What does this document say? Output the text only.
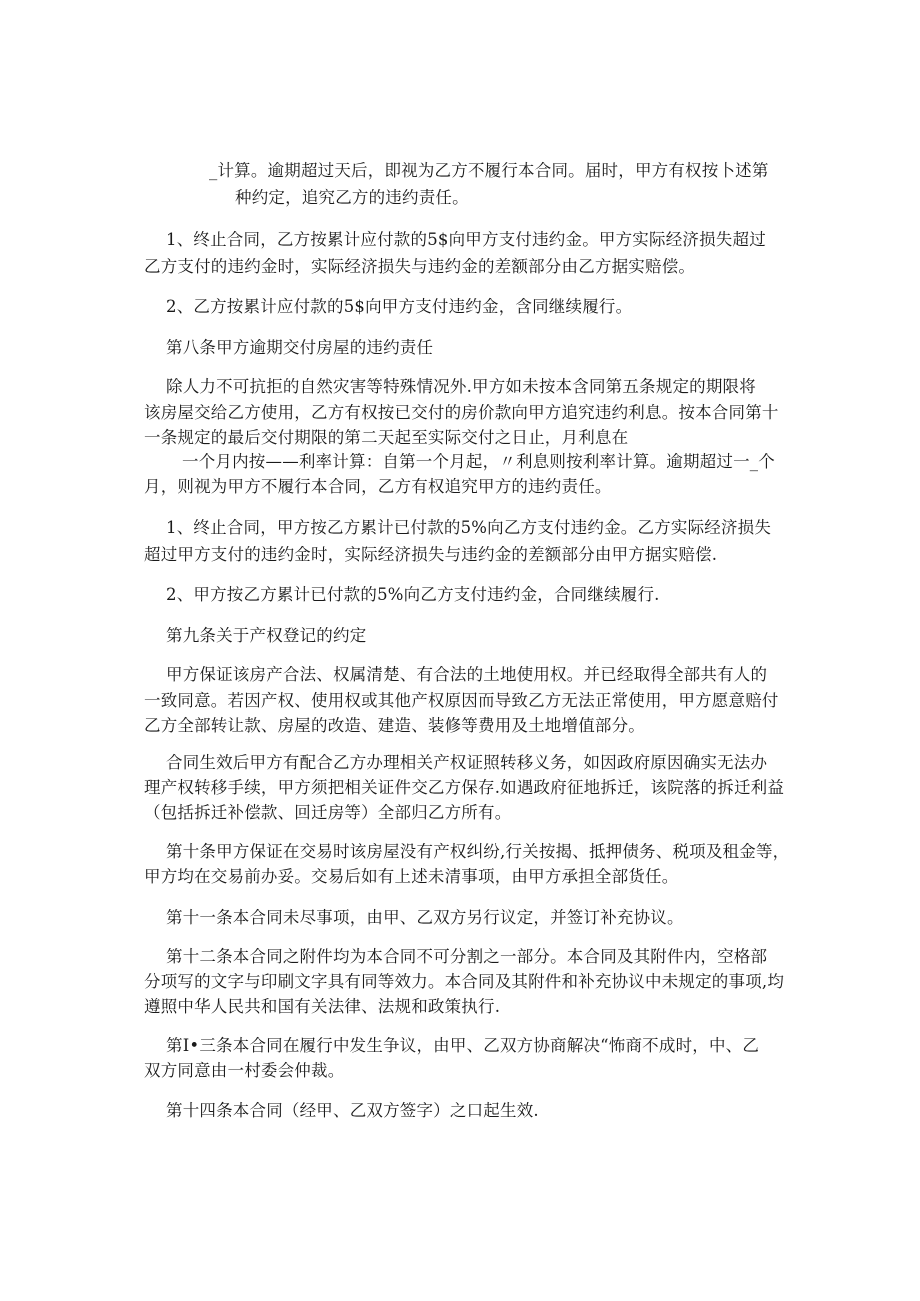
_计算。逾期超过天后，即视为乙方不履行本合同。届时，甲方有权按卜述第
种约定，追究乙方的违约责任。
1、终止合同，乙方按累计应付款的5$向甲方支付违约金。甲方实际经济损失超过
乙方支付的违约金时，实际经济损失与违约金的差额部分由乙方据实赔偿。
2、乙方按累计应付款的5$向甲方支付违约金，含同继续履行。
第八条甲方逾期交付房屋的违约责任
除人力不可抗拒的自然灾害等特殊情况外.甲方如未按本含同第五条规定的期限将
该房屋交给乙方使用，乙方有权按已交付的房价款向甲方追究违约利息。按本合同第十
一条规定的最后交付期限的第二天起至实际交付之日止，月利息在
一个月内按——利率计算：自第一个月起，〃利息则按利率计算。逾期超过一_个
月，则视为甲方不履行本合同，乙方有权追究甲方的违约责任。
1、终止合同，甲方按乙方累计已付款的5%向乙方支付违约金。乙方实际经济损失
超过甲方支付的违约金时，实际经济损失与违约金的差额部分由甲方据实赔偿.
2、甲方按乙方累计已付款的5%向乙方支付违约金，合同继续履行.
第九条关于产权登记的约定
甲方保证该房产合法、权属清楚、有合法的土地使用权。并已经取得全部共有人的
一致同意。若因产权、使用权或其他产权原因而导致乙方无法正常使用，甲方愿意赔付
乙方全部转让款、房屋的改造、建造、装修等费用及土地增值部分。
合同生效后甲方有配合乙方办理相关产权证照转移义务，如因政府原因确实无法办
理产权转移手续，甲方须把相关证件交乙方保存.如遇政府征地拆迁，该院落的拆迁利益
（包括拆迁补偿款、回迁房等）全部归乙方所有。
第十条甲方保证在交易时该房屋没有产权纠纷,行关按揭、抵押债务、税项及租金等，
甲方均在交易前办妥。交易后如有上述未清事项，由甲方承担全部货任。
第十一条本合同未尽事项，由甲、乙双方另行议定，并签订补充协议。
第十二条本合同之附件均为本合同不可分割之一部分。本合同及其附件内，空格部
分项写的文字与印刷文字具有同等效力。本合同及其附件和补充协议中未规定的事项,均
遵照中华人民共和国有关法律、法规和政策执行.
第I•三条本合同在履行中发生争议，由甲、乙双方协商解决“怖商不成时，中、乙
双方同意由一村委会仲裁。
第十四条本合同（经甲、乙双方签字）之口起生效.
